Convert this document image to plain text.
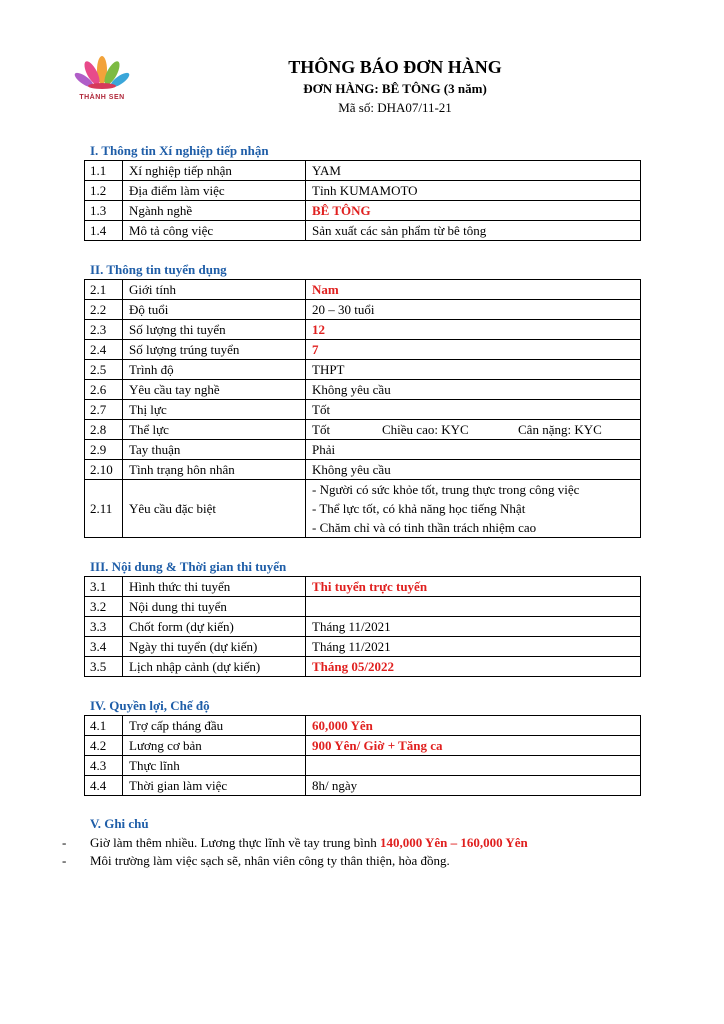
THÀNH SEN
THÔNG BÁO ĐƠN HÀNG
ĐƠN HÀNG: BÊ TÔNG (3 năm)
Mã số: DHA07/11-21
I. Thông tin Xí nghiệp tiếp nhận
1.1	Xí nghiệp tiếp nhận	YAM
1.2	Địa điểm làm việc	Tỉnh KUMAMOTO
1.3	Ngành nghề	BÊ TÔNG
1.4	Mô tả công việc	Sản xuất các sản phẩm từ bê tông
II. Thông tin tuyển dụng
2.1	Giới tính	Nam
2.2	Độ tuổi	20 – 30 tuổi
2.3	Số lượng thi tuyển	12
2.4	Số lượng trúng tuyển	7
2.5	Trình độ	THPT
2.6	Yêu cầu tay nghề	Không yêu cầu
2.7	Thị lực	Tốt
2.8	Thể lực	Tốt Chiều cao: KYC Cân nặng: KYC
2.9	Tay thuận	Phải
2.10	Tình trạng hôn nhân	Không yêu cầu
2.11	Yêu cầu đặc biệt	- Người có sức khỏe tốt, trung thực trong công việc
- Thể lực tốt, có khả năng học tiếng Nhật
- Chăm chỉ và có tinh thần trách nhiệm cao
III. Nội dung & Thời gian thi tuyển
3.1	Hình thức thi tuyển	Thi tuyển trực tuyến
3.2	Nội dung thi tuyển	
3.3	Chốt form (dự kiến)	Tháng 11/2021
3.4	Ngày thi tuyển (dự kiến)	Tháng 11/2021
3.5	Lịch nhập cảnh (dự kiến)	Tháng 05/2022
IV. Quyền lợi, Chế độ
4.1	Trợ cấp tháng đầu	60,000 Yên
4.2	Lương cơ bản	900 Yên/ Giờ + Tăng ca
4.3	Thực lĩnh	
4.4	Thời gian làm việc	8h/ ngày
V. Ghi chú
-	Giờ làm thêm nhiều. Lương thực lĩnh về tay trung bình 140,000 Yên – 160,000 Yên
-	Môi trường làm việc sạch sẽ, nhân viên công ty thân thiện, hòa đồng.
